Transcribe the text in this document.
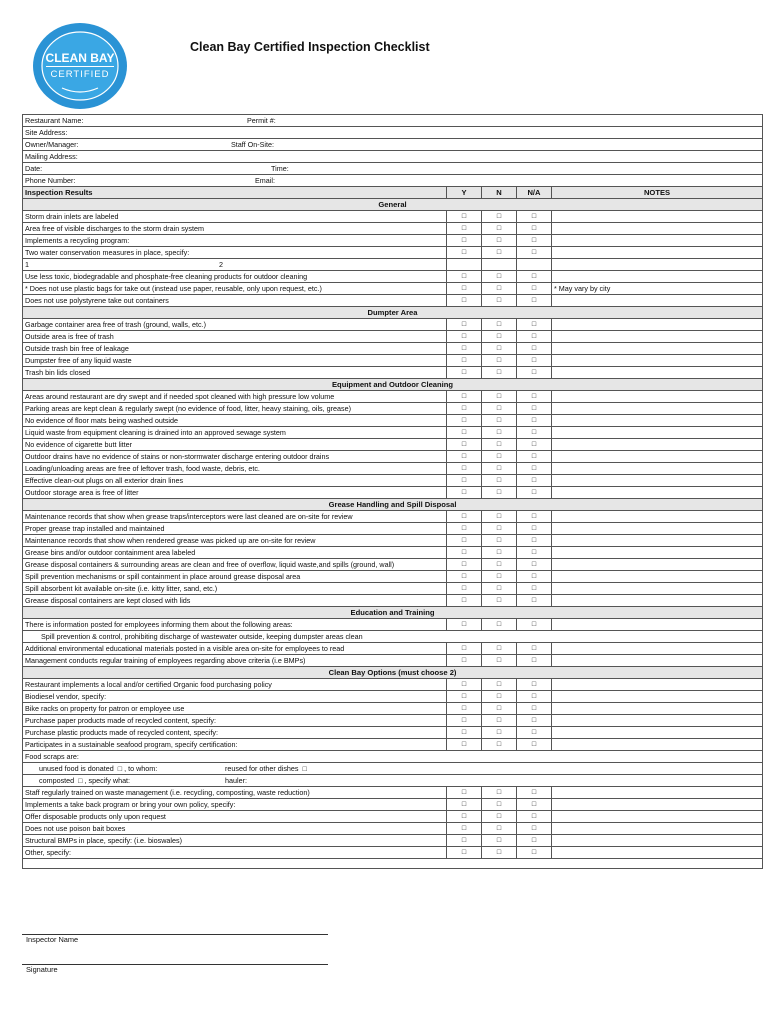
CLEAN BAY
CERTIFIED
Clean Bay Certified Inspection Checklist
Restaurant Name: Permit #:				

Site Address:				
Owner/Manager: Staff On-Site:				

Mailing Address:				
Date: Time:				

Phone Number: Email:				

Inspection Results	Y	N	N/A	NOTES
General				
Storm drain inlets are labeled	□	□	□	
Area free of visible discharges to the storm drain system	□	□	□	
Implements a recycling program:	□	□	□	
Two water conservation measures in place, specify:	□	□	□	
1 2				

Use less toxic, biodegradable and phosphate-free cleaning products for outdoor cleaning	□	□	□	
* Does not use plastic bags for take out (instead use paper, reusable, only upon request, etc.)	□	□	□	* May vary by city
Does not use polystyrene take out containers	□	□	□	
Dumpter Area				
Garbage container area free of trash (ground, walls, etc.)	□	□	□	
Outside area is free of trash	□	□	□	
Outside trash bin free of leakage	□	□	□	
Dumpster free of any liquid waste	□	□	□	
Trash bin lids closed	□	□	□	
Equipment and Outdoor Cleaning				
Areas around restaurant are dry swept and if needed spot cleaned with high pressure low volume	□	□	□	
Parking areas are kept clean & regularly swept (no evidence of food, litter, heavy staining, oils, grease)	□	□	□	
No evidence of floor mats being washed outside	□	□	□	
Liquid waste from equipment cleaning is drained into an approved sewage system	□	□	□	
No evidence of cigarette butt litter	□	□	□	
Outdoor drains have no evidence of stains or non-stormwater discharge entering outdoor drains	□	□	□	
Loading/unloading areas are free of leftover trash, food waste, debris, etc.	□	□	□	
Effective clean-out plugs on all exterior drain lines	□	□	□	
Outdoor storage area is free of litter	□	□	□	
Grease Handling and Spill Disposal				
Maintenance records that show when grease traps/interceptors were last cleaned are on-site for review	□	□	□	
Proper grease trap installed and maintained	□	□	□	
Maintenance records that show when rendered grease was picked up are on-site for review	□	□	□	
Grease bins and/or outdoor containment area labeled	□	□	□	
Grease disposal containers & surrounding areas are clean and free of overflow, liquid waste,and spills (ground, wall)	□	□	□	
Spill prevention mechanisms or spill containment in place around grease disposal area	□	□	□	
Spill absorbent kit available on-site (i.e. kitty litter, sand, etc.)	□	□	□	
Grease disposal containers are kept closed with lids	□	□	□	
Education and Training				
There is information posted for employees informing them about the following areas:	□	□	□	
Spill prevention & control, prohibiting discharge of wastewater outside, keeping dumpster areas clean				
Additional environmental educational materials posted in a visible area on-site for employees to read	□	□	□	
Management conducts regular training of employees regarding above criteria (i.e BMPs)	□	□	□	
Clean Bay Options (must choose 2)				
Restaurant implements a local and/or certified Organic food purchasing policy	□	□	□	
Biodiesel vendor, specify:	□	□	□	
Bike racks on property for patron or employee use	□	□	□	
Purchase paper products made of recycled content, specify:	□	□	□	
Purchase plastic products made of recycled content, specify:	□	□	□	
Participates in a sustainable seafood program, specify certification:	□	□	□	
Food scraps are:				
unused food is donated □ , to whom: reused for other dishes □				

composted □ , specify what: hauler:				

Staff regularly trained on waste management (i.e. recycling, composting, waste reduction)	□	□	□	
Implements a take back program or bring your own policy, specify:	□	□	□	
Offer disposable products only upon request	□	□	□	
Does not use poison bait boxes	□	□	□	
Structural BMPs in place, specify: (i.e. bioswales)	□	□	□	
Other, specify:	□	□	□	

Inspector Name
Signature
